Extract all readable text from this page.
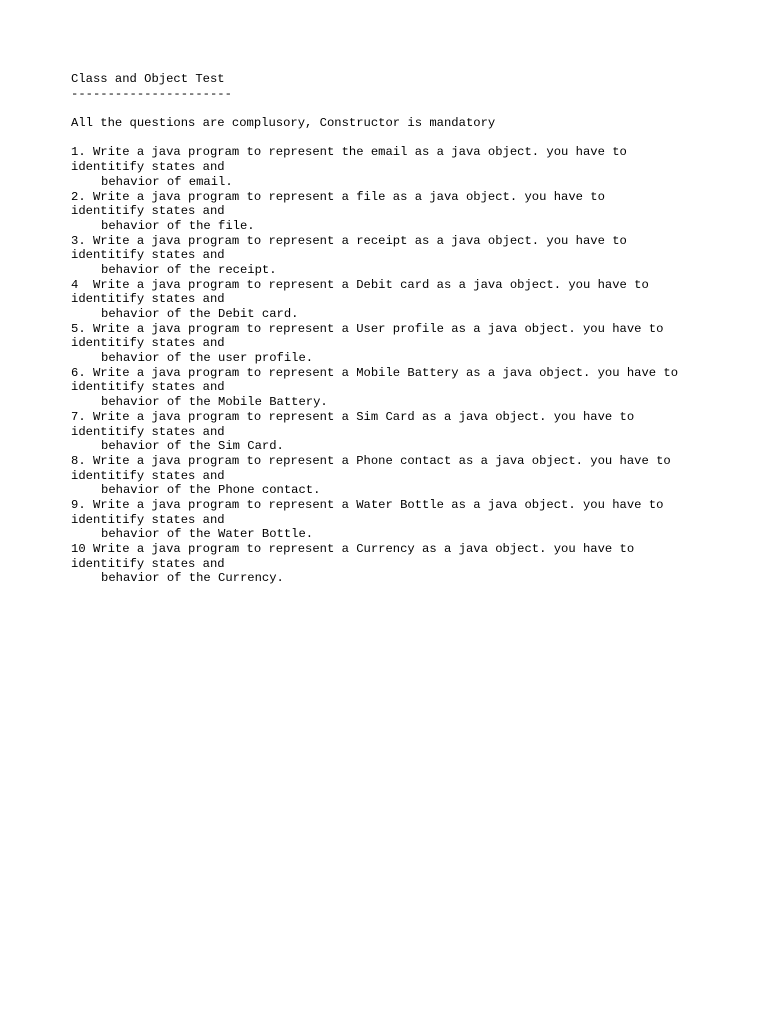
Class and Object Test
----------------------
All the questions are complusory, Constructor is mandatory
1. Write a java program to represent the email as a java object. you have to
identitify states and
behavior of email.
2. Write a java program to represent a file as a java object. you have to
identitify states and
behavior of the file.
3. Write a java program to represent a receipt as a java object. you have to
identitify states and
behavior of the receipt.
4  Write a java program to represent a Debit card as a java object. you have to
identitify states and
behavior of the Debit card.
5. Write a java program to represent a User profile as a java object. you have to
identitify states and
behavior of the user profile.
6. Write a java program to represent a Mobile Battery as a java object. you have to
identitify states and
behavior of the Mobile Battery.
7. Write a java program to represent a Sim Card as a java object. you have to
identitify states and
behavior of the Sim Card.
8. Write a java program to represent a Phone contact as a java object. you have to
identitify states and
behavior of the Phone contact.
9. Write a java program to represent a Water Bottle as a java object. you have to
identitify states and
behavior of the Water Bottle.
10 Write a java program to represent a Currency as a java object. you have to
identitify states and
behavior of the Currency.
